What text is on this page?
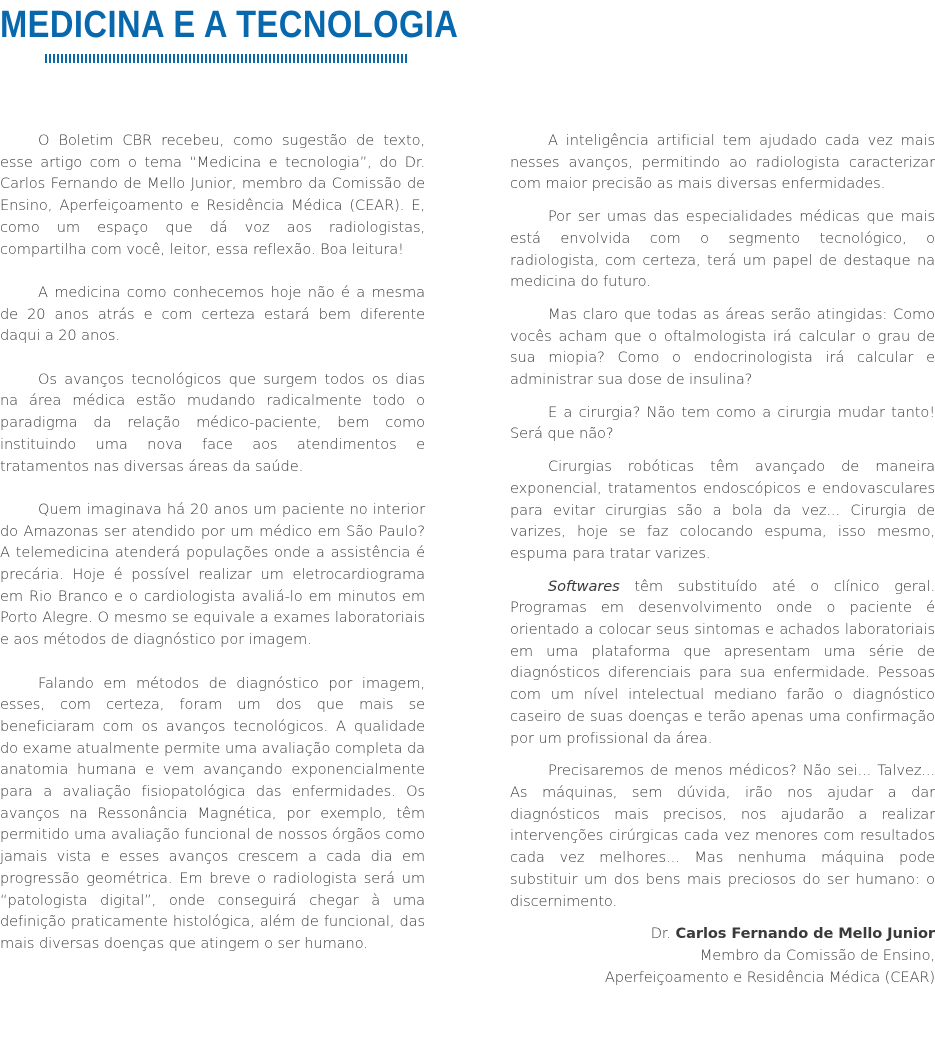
MEDICINA E A TECNOLOGIA

O Boletim CBR recebeu, como sugestão de texto, esse artigo com o tema “Medicina e tecnologia”, do Dr. Carlos Fernando de Mello Junior, membro da Comissão de Ensino, Aperfeiçoamento e Residência Médica (CEAR). E, como um espaço que dá voz aos radiologistas, compartilha com você, leitor, essa reflexão. Boa leitura!

A medicina como conhecemos hoje não é a mesma de 20 anos atrás e com certeza estará bem diferente daqui a 20 anos.

Os avanços tecnológicos que surgem todos os dias na área médica estão mudando radicalmente todo o paradigma da relação médico-paciente, bem como instituindo uma nova face aos atendimentos e tratamentos nas diversas áreas da saúde.

Quem imaginava há 20 anos um paciente no interior do Amazonas ser atendido por um médico em São Paulo? A telemedicina atenderá populações onde a assistência é precária. Hoje é possível realizar um eletrocardiograma em Rio Branco e o cardiologista avaliá-lo em minutos em Porto Alegre. O mesmo se equivale a exames laboratoriais e aos métodos de diagnóstico por imagem.

Falando em métodos de diagnóstico por imagem, esses, com certeza, foram um dos que mais se beneficiaram com os avanços tecnológicos. A qualidade do exame atualmente permite uma avaliação completa da anatomia humana e vem avançando exponencialmente para a avaliação fisiopatológica das enfermidades. Os avanços na Ressonância Magnética, por exemplo, têm permitido uma avaliação funcional de nossos órgãos como jamais vista e esses avanços crescem a cada dia em progressão geométrica. Em breve o radiologista será um “patologista digital”, onde conseguirá chegar à uma definição praticamente histológica, além de funcional, das mais diversas doenças que atingem o ser humano.

A inteligência artificial tem ajudado cada vez mais nesses avanços, permitindo ao radiologista caracterizar com maior precisão as mais diversas enfermidades.

Por ser umas das especialidades médicas que mais está envolvida com o segmento tecnológico, o radiologista, com certeza, terá um papel de destaque na medicina do futuro.

Mas claro que todas as áreas serão atingidas: Como vocês acham que o oftalmologista irá calcular o grau de sua miopia? Como o endocrinologista irá calcular e administrar sua dose de insulina?

E a cirurgia? Não tem como a cirurgia mudar tanto! Será que não?

Cirurgias robóticas têm avançado de maneira exponencial, tratamentos endoscópicos e endovasculares para evitar cirurgias são a bola da vez... Cirurgia de varizes, hoje se faz colocando espuma, isso mesmo, espuma para tratar varizes.

Softwares têm substituído até o clínico geral. Programas em desenvolvimento onde o paciente é orientado a colocar seus sintomas e achados laboratoriais em uma plataforma que apresentam uma série de diagnósticos diferenciais para sua enfermidade. Pessoas com um nível intelectual mediano farão o diagnóstico caseiro de suas doenças e terão apenas uma confirmação por um profissional da área.

Precisaremos de menos médicos? Não sei... Talvez... As máquinas, sem dúvida, irão nos ajudar a dar diagnósticos mais precisos, nos ajudarão a realizar intervenções cirúrgicas cada vez menores com resultados cada vez melhores... Mas nenhuma máquina pode substituir um dos bens mais preciosos do ser humano: o discernimento.

Dr. Carlos Fernando de Mello Junior
Membro da Comissão de Ensino,
Aperfeiçoamento e Residência Médica (CEAR)
